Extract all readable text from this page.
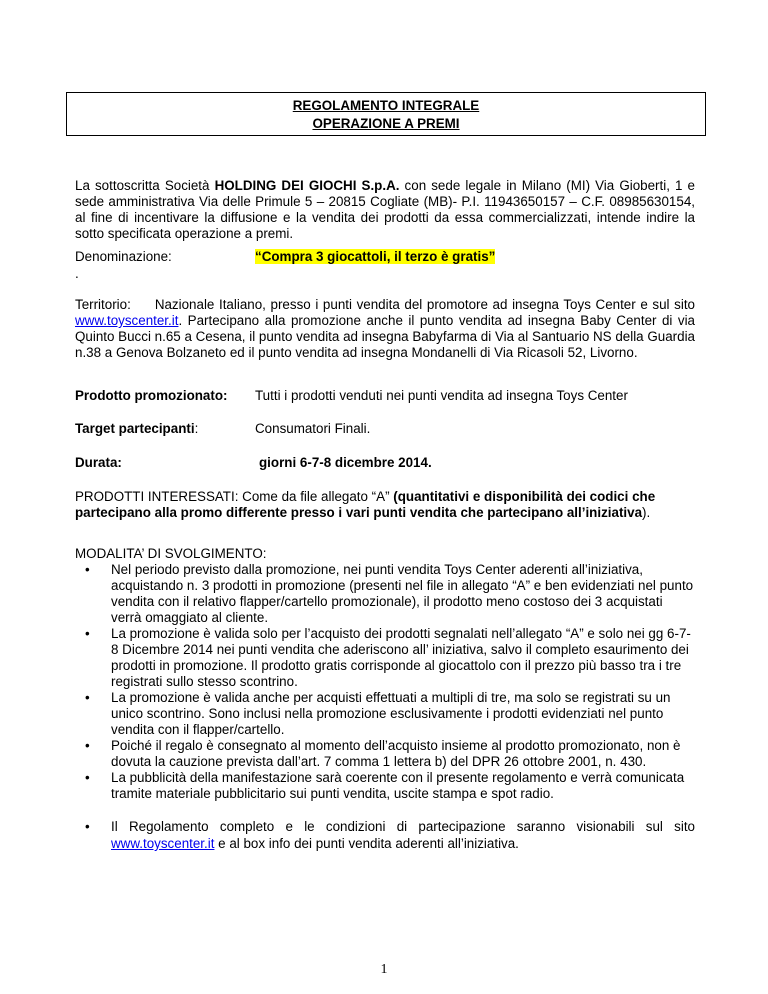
REGOLAMENTO INTEGRALE
OPERAZIONE A PREMI
La sottoscritta Società HOLDING DEI GIOCHI S.p.A. con sede legale in Milano (MI) Via Gioberti, 1 e sede amministrativa Via delle Primule 5 – 20815 Cogliate (MB)- P.I. 11943650157 – C.F. 08985630154, al fine di incentivare la diffusione e la vendita dei prodotti da essa commercializzati, intende indire la sotto specificata operazione a premi.
Denominazione:
.
“Compra 3 giocattoli, il terzo è gratis”
Territorio: Nazionale Italiano, presso i punti vendita del promotore ad insegna Toys Center e sul sito www.toyscenter.it. Partecipano alla promozione anche il punto vendita ad insegna Baby Center di via Quinto Bucci n.65 a Cesena, il punto vendita ad insegna Babyfarma di Via al Santuario NS della Guardia n.38 a Genova Bolzaneto ed il punto vendita ad insegna Mondanelli di Via Ricasoli 52, Livorno.
Prodotto promozionato: Tutti i prodotti venduti nei punti vendita ad insegna Toys Center
Target partecipanti:	Consumatori Finali.
Durata:	giorni 6-7-8 dicembre 2014.
PRODOTTI INTERESSATI: Come da file allegato “A” (quantitativi e disponibilità dei codici che partecipano alla promo differente presso i vari punti vendita che partecipano all’iniziativa).
MODALITA’ DI SVOLGIMENTO:
• Nel periodo previsto dalla promozione, nei punti vendita Toys Center aderenti all’iniziativa, acquistando n. 3 prodotti in promozione (presenti nel file in allegato “A” e ben evidenziati nel punto vendita con il relativo flapper/cartello promozionale), il prodotto meno costoso dei 3 acquistati verrà omaggiato al cliente.
• La promozione è valida solo per l’acquisto dei prodotti segnalati nell’allegato “A” e solo nei gg 6-7-8 Dicembre 2014 nei punti vendita che aderiscono all’ iniziativa, salvo il completo esaurimento dei prodotti in promozione. Il prodotto gratis corrisponde al giocattolo con il prezzo più basso tra i tre registrati sullo stesso scontrino.
• La promozione è valida anche per acquisti effettuati a multipli di tre, ma solo se registrati su un unico scontrino. Sono inclusi nella promozione esclusivamente i prodotti evidenziati nel punto vendita con il flapper/cartello.
• Poiché il regalo è consegnato al momento dell’acquisto insieme al prodotto promozionato, non è dovuta la cauzione prevista dall’art. 7 comma 1 lettera b) del DPR 26 ottobre 2001, n. 430.
• La pubblicità della manifestazione sarà coerente con il presente regolamento e verrà comunicata tramite materiale pubblicitario sui punti vendita, uscite stampa e spot radio.
• Il Regolamento completo e le condizioni di partecipazione saranno visionabili sul sito www.toyscenter.it e al box info dei punti vendita aderenti all’iniziativa.
1
